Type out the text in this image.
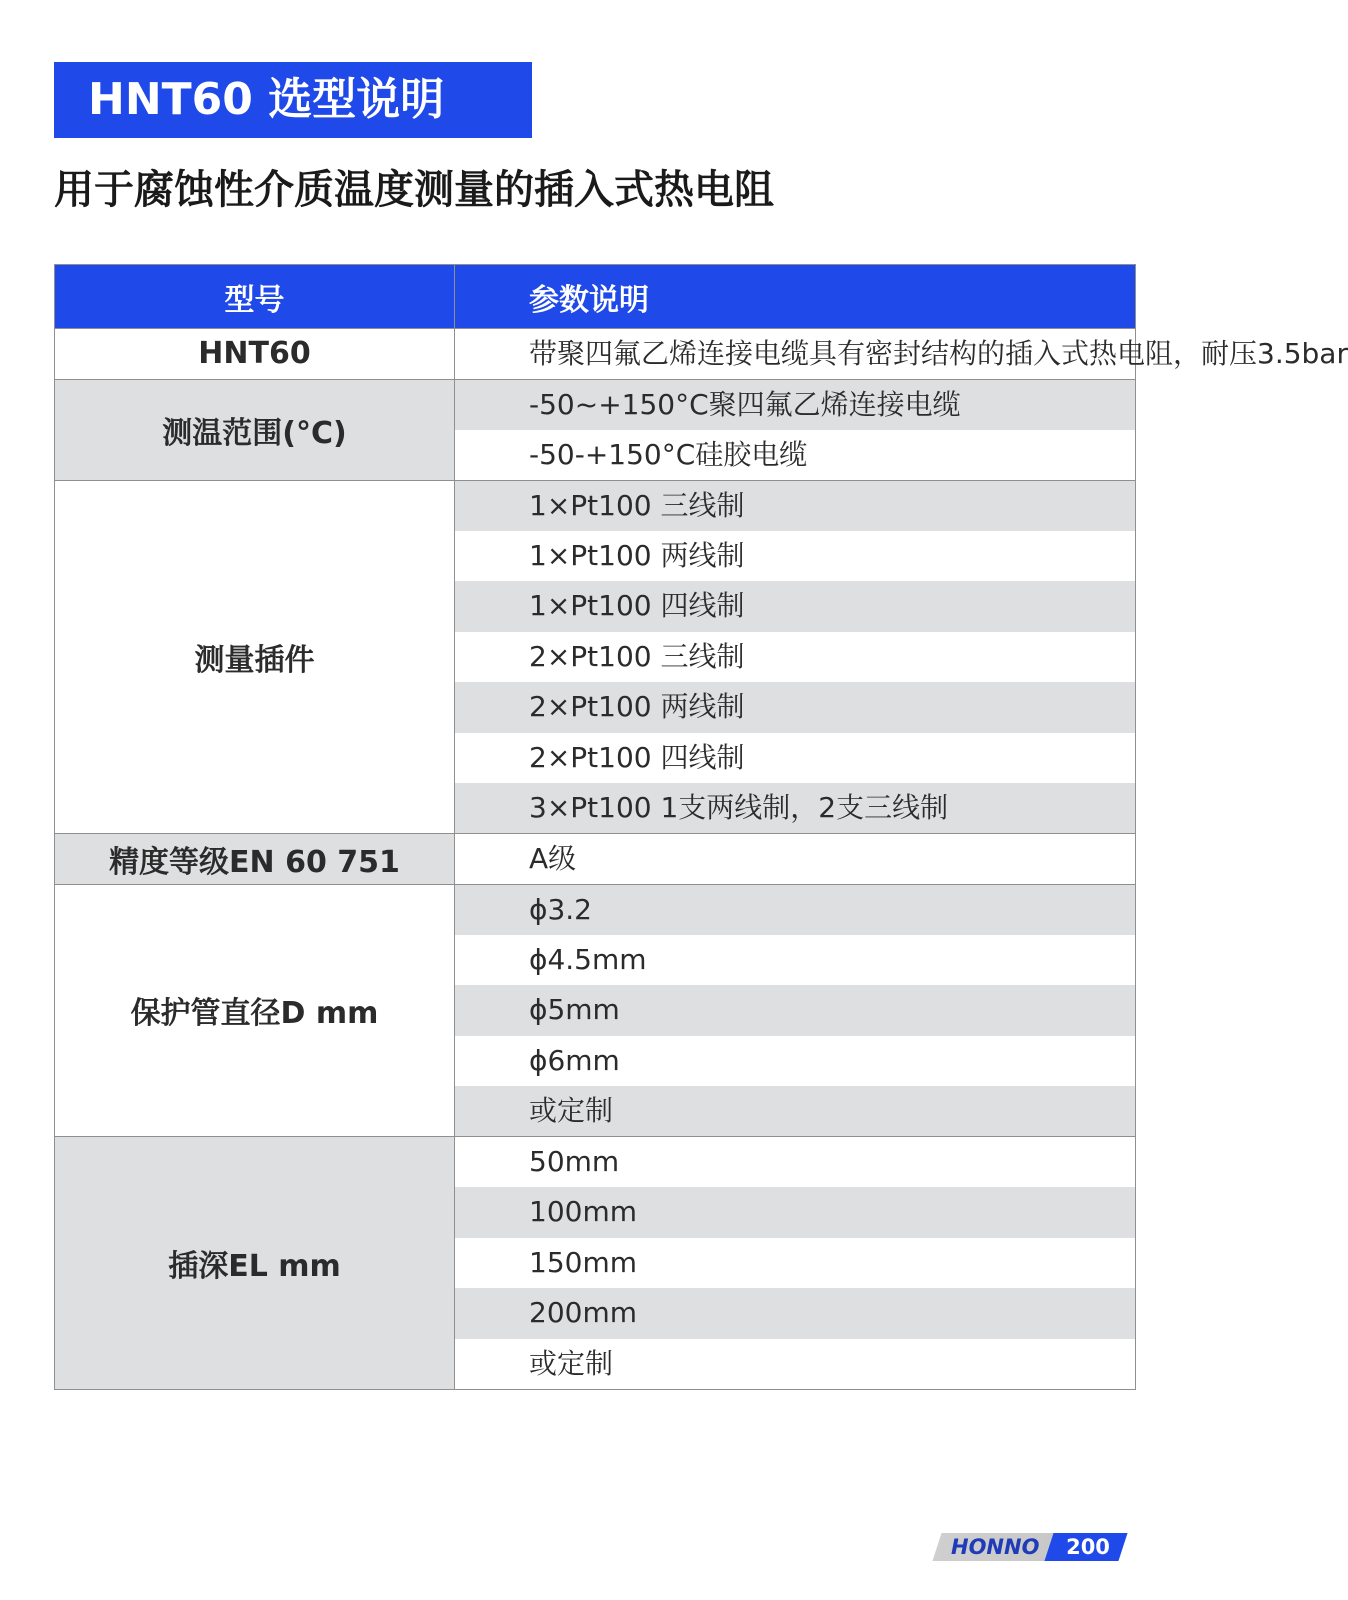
HNT60 选型说明
用于腐蚀性介质温度测量的插入式热电阻
型号	参数说明
HNT60	带聚四氟乙烯连接电缆具有密封结构的插入式热电阻，耐压3.5bar
测温范围(°C)	-50~+150°C聚四氟乙烯连接电缆
	-50-+150°C硅胶电缆
测量插件	1×Pt100 三线制
	1×Pt100 两线制
	1×Pt100 四线制
	2×Pt100 三线制
	2×Pt100 两线制
	2×Pt100 四线制
	3×Pt100 1支两线制，2支三线制
精度等级EN 60 751	A级
保护管直径D mm	ϕ3.2
	ϕ4.5mm
	ϕ5mm
	ϕ6mm
	或定制
插深EL mm	50mm
	100mm
	150mm
	200mm
	或定制
HONNO	200
